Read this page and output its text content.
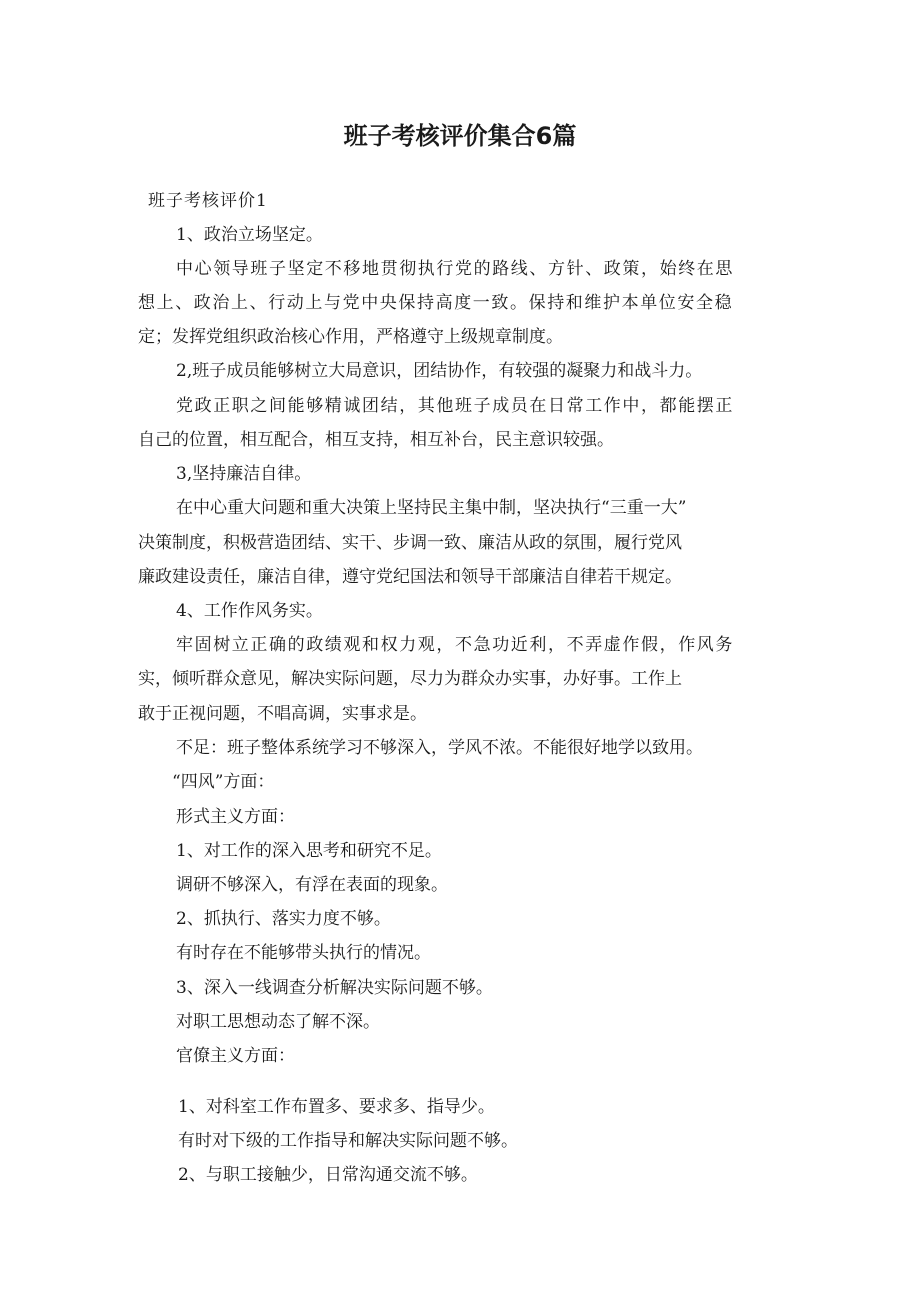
班子考核评价集合6篇
班子考核评价1
1、政治立场坚定。
中心领导班子坚定不移地贯彻执行党的路线、方针、政策，始终在思
想上、政治上、行动上与党中央保持高度一致。保持和维护本单位安全稳
定；发挥党组织政治核心作用，严格遵守上级规章制度。
2,班子成员能够树立大局意识，团结协作，有较强的凝聚力和战斗力。
党政正职之间能够精诚团结，其他班子成员在日常工作中，都能摆正
自己的位置，相互配合，相互支持，相互补台，民主意识较强。
3,坚持廉洁自律。
在中心重大问题和重大决策上坚持民主集中制，坚决执行“三重一大”
决策制度，积极营造团结、实干、步调一致、廉洁从政的氛围，履行党风
廉政建设责任，廉洁自律，遵守党纪国法和领导干部廉洁自律若干规定。
4、工作作风务实。
牢固树立正确的政绩观和权力观，不急功近利，不弄虚作假，作风务
实，倾听群众意见，解决实际问题，尽力为群众办实事，办好事。工作上
敢于正视问题，不唱高调，实事求是。
不足：班子整体系统学习不够深入，学风不浓。不能很好地学以致用。
“四风”方面：
形式主义方面：
1、对工作的深入思考和研究不足。
调研不够深入，有浮在表面的现象。
2、抓执行、落实力度不够。
有时存在不能够带头执行的情况。
3、深入一线调查分析解决实际问题不够。
对职工思想动态了解不深。
官僚主义方面：
1、对科室工作布置多、要求多、指导少。
有时对下级的工作指导和解决实际问题不够。
2、与职工接触少，日常沟通交流不够。
